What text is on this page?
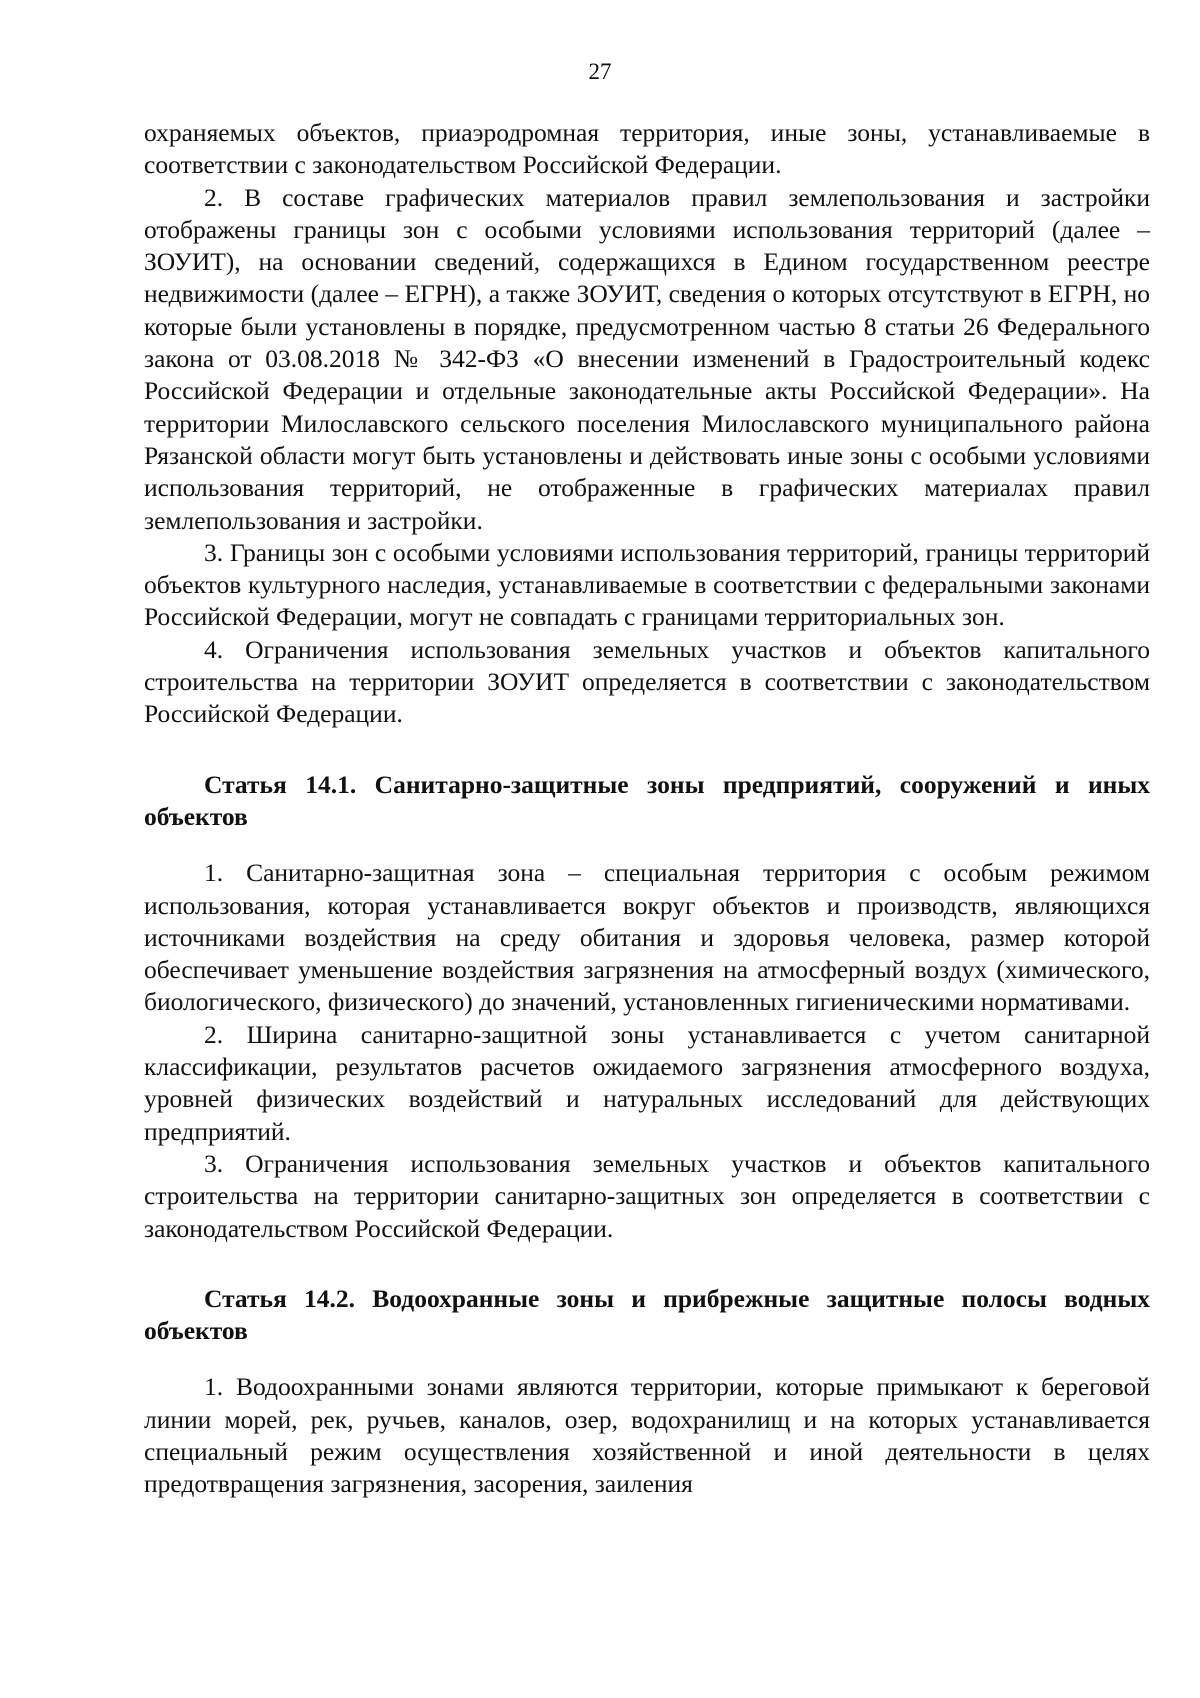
27

охраняемых объектов, приаэродромная территория, иные зоны, устанавливаемые в соответствии с законодательством Российской Федерации.

2. В составе графических материалов правил землепользования и застройки отображены границы зон с особыми условиями использования территорий (далее – ЗОУИТ), на основании сведений, содержащихся в Едином государственном реестре недвижимости (далее – ЕГРН), а также ЗОУИТ, сведения о которых отсутствуют в ЕГРН, но которые были установлены в порядке, предусмотренном частью 8 статьи 26 Федерального закона от 03.08.2018 № 342-ФЗ «О внесении изменений в Градостроительный кодекс Российской Федерации и отдельные законодательные акты Российской Федерации». На территории Милославского сельского поселения Милославского муниципального района Рязанской области могут быть установлены и действовать иные зоны с особыми условиями использования территорий, не отображенные в графических материалах правил землепользования и застройки.

3. Границы зон с особыми условиями использования территорий, границы территорий объектов культурного наследия, устанавливаемые в соответствии с федеральными законами Российской Федерации, могут не совпадать с границами территориальных зон.

4. Ограничения использования земельных участков и объектов капитального строительства на территории ЗОУИТ определяется в соответствии с законодательством Российской Федерации.

Статья 14.1. Санитарно-защитные зоны предприятий, сооружений и иных объектов

1. Санитарно-защитная зона – специальная территория с особым режимом использования, которая устанавливается вокруг объектов и производств, являющихся источниками воздействия на среду обитания и здоровья человека, размер которой обеспечивает уменьшение воздействия загрязнения на атмосферный воздух (химического, биологического, физического) до значений, установленных гигиеническими нормативами.

2. Ширина санитарно-защитной зоны устанавливается с учетом санитарной классификации, результатов расчетов ожидаемого загрязнения атмосферного воздуха, уровней физических воздействий и натуральных исследований для действующих предприятий.

3. Ограничения использования земельных участков и объектов капитального строительства на территории санитарно-защитных зон определяется в соответствии с законодательством Российской Федерации.

Статья 14.2. Водоохранные зоны и прибрежные защитные полосы водных объектов

1. Водоохранными зонами являются территории, которые примыкают к береговой линии морей, рек, ручьев, каналов, озер, водохранилищ и на которых устанавливается специальный режим осуществления хозяйственной и иной деятельности в целях предотвращения загрязнения, засорения, заиления
